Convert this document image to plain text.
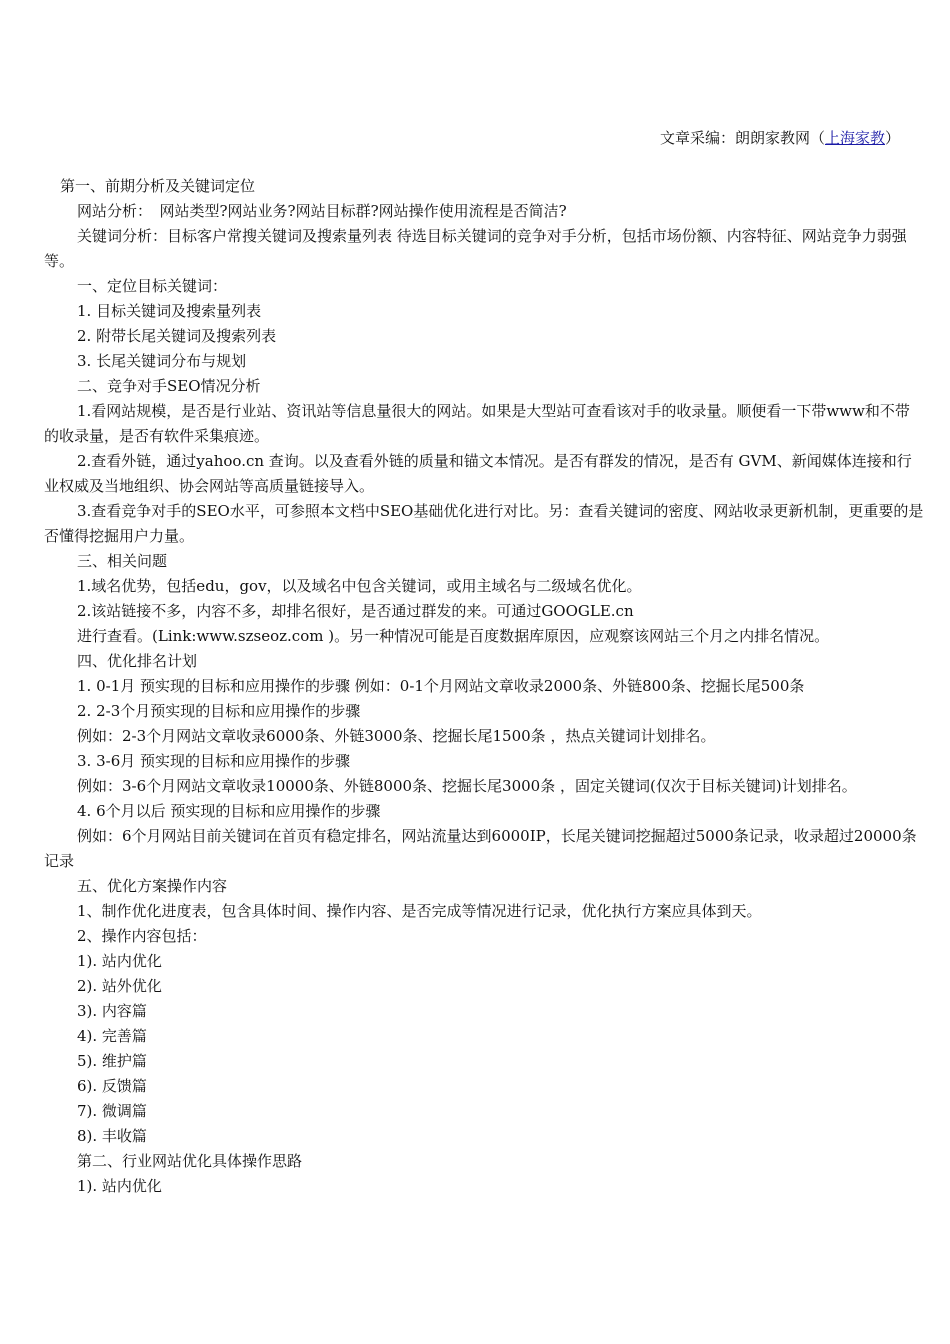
文章采编：朗朗家教网（上海家教）
第一、前期分析及关键词定位
网站分析：　网站类型?网站业务?网站目标群?网站操作使用流程是否简洁?
关键词分析：目标客户常搜关键词及搜索量列表 待选目标关键词的竞争对手分析，包括市场份额、内容特征、网站竞争力弱强等。
一、定位目标关键词：
1. 目标关键词及搜索量列表
2. 附带长尾关键词及搜索列表
3. 长尾关键词分布与规划
二、竞争对手SEO情况分析
1.看网站规模，是否是行业站、资讯站等信息量很大的网站。如果是大型站可查看该对手的收录量。顺便看一下带www和不带的收录量，是否有软件采集痕迹。
2.查看外链，通过yahoo.cn 查询。以及查看外链的质量和锚文本情况。是否有群发的情况，是否有 GVM、新闻媒体连接和行业权威及当地组织、协会网站等高质量链接导入。
3.查看竞争对手的SEO水平，可参照本文档中SEO基础优化进行对比。另：查看关键词的密度、网站收录更新机制，更重要的是否懂得挖掘用户力量。
三、相关问题
1.域名优势，包括edu，gov，以及域名中包含关键词，或用主域名与二级域名优化。
2.该站链接不多，内容不多，却排名很好，是否通过群发的来。可通过GOOGLE.cn
进行查看。(Link:www.szseoz.com )。另一种情况可能是百度数据库原因，应观察该网站三个月之内排名情况。
四、优化排名计划
1. 0-1月 预实现的目标和应用操作的步骤 例如：0-1个月网站文章收录2000条、外链800条、挖掘长尾500条
2. 2-3个月预实现的目标和应用操作的步骤
例如：2-3个月网站文章收录6000条、外链3000条、挖掘长尾1500条 ，热点关键词计划排名。
3. 3-6月 预实现的目标和应用操作的步骤
例如：3-6个月网站文章收录10000条、外链8000条、挖掘长尾3000条 ，固定关键词(仅次于目标关键词)计划排名。
4. 6个月以后 预实现的目标和应用操作的步骤
例如：6个月网站目前关键词在首页有稳定排名，网站流量达到6000IP，长尾关键词挖掘超过5000条记录，收录超过20000条记录
五、优化方案操作内容
1、制作优化进度表，包含具体时间、操作内容、是否完成等情况进行记录，优化执行方案应具体到天。
2、操作内容包括：
1). 站内优化
2). 站外优化
3). 内容篇
4). 完善篇
5). 维护篇
6). 反馈篇
7). 微调篇
8). 丰收篇
第二、行业网站优化具体操作思路
1). 站内优化
